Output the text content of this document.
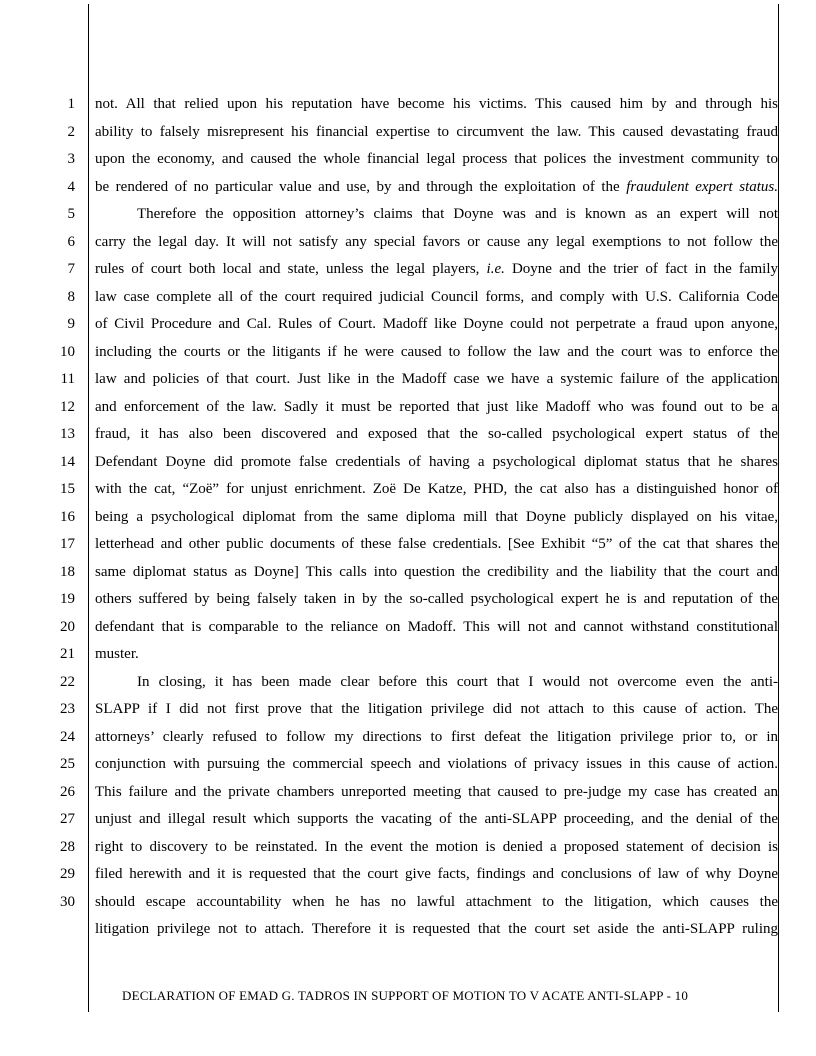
1 not. All that relied upon his reputation have become his victims. This caused him by and through his
2 ability to falsely misrepresent his financial expertise to circumvent the law. This caused devastating fraud
3 upon the economy, and caused the whole financial legal process that polices the investment community to
4 be rendered of no particular value and use, by and through the exploitation of the fraudulent expert status.
5	Therefore the opposition attorney’s claims that Doyne was and is known as an expert will not
6 carry the legal day. It will not satisfy any special favors or cause any legal exemptions to not follow the
7 rules of court both local and state, unless the legal players, i.e. Doyne and the trier of fact in the family
8 law case complete all of the court required judicial Council forms, and comply with U.S. California Code
9 of Civil Procedure and Cal. Rules of Court. Madoff like Doyne could not perpetrate a fraud upon anyone,
10 including the courts or the litigants if he were caused to follow the law and the court was to enforce the
11 law and policies of that court. Just like in the Madoff case we have a systemic failure of the application
12 and enforcement of the law. Sadly it must be reported that just like Madoff who was found out to be a
13 fraud, it has also been discovered and exposed that the so-called psychological expert status of the
14 Defendant Doyne did promote false credentials of having a psychological diplomat status that he shares
15 with the cat, “Zoë” for unjust enrichment. Zoë De Katze, PHD, the cat also has a distinguished honor of
16 being a psychological diplomat from the same diploma mill that Doyne publicly displayed on his vitae,
17 letterhead and other public documents of these false credentials. [See Exhibit “5” of the cat that shares the
18 same diplomat status as Doyne] This calls into question the credibility and the liability that the court and
19 others suffered by being falsely taken in by the so-called psychological expert he is and reputation of the
20 defendant that is comparable to the reliance on Madoff. This will not and cannot withstand constitutional
21 muster.
22	In closing, it has been made clear before this court that I would not overcome even the anti-
23 SLAPP if I did not first prove that the litigation privilege did not attach to this cause of action. The
24 attorneys’ clearly refused to follow my directions to first defeat the litigation privilege prior to, or in
25 conjunction with pursuing the commercial speech and violations of privacy issues in this cause of action.
26 This failure and the private chambers unreported meeting that caused to pre-judge my case has created an
27 unjust and illegal result which supports the vacating of the anti-SLAPP proceeding, and the denial of the
28 right to discovery to be reinstated. In the event the motion is denied a proposed statement of decision is
29 filed herewith and it is requested that the court give facts, findings and conclusions of law of why Doyne
30 should escape accountability when he has no lawful attachment to the litigation, which causes the
litigation privilege not to attach. Therefore it is requested that the court set aside the anti-SLAPP ruling
DECLARATION OF EMAD G. TADROS IN SUPPORT OF MOTION TO V ACATE ANTI-SLAPP - 10
